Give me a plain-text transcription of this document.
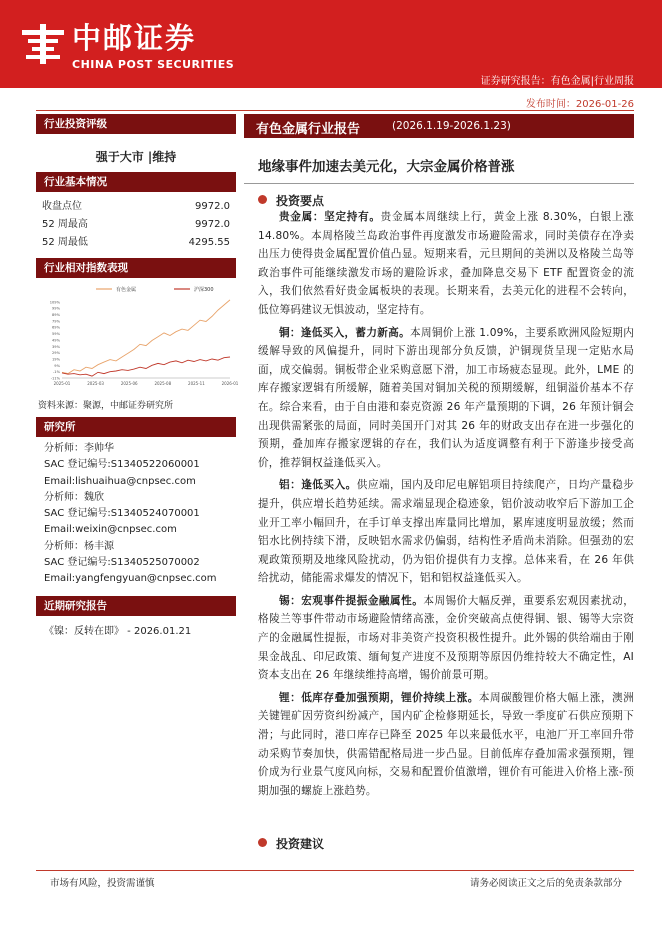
中邮证券
CHINA POST SECURITIES
证券研究报告：有色金属|行业周报
发布时间：2026-01-26
行业投资评级
强于大市 |维持
行业基本情况
收盘点位	9972.0
52 周最高	9972.0
52 周最低	4295.55
行业相对指数表现
-11%
-1%
9%
19%
29%
39%
49%
59%
69%
79%
89%
99%
109%
2025-01	2025-03	2025-06	2025-08	2025-11	2026-01
有色金属	沪深300
资料来源：聚源，中邮证券研究所
研究所
分析师：李帅华
SAC 登记编号:S1340522060001
Email:lishuaihua@cnpsec.com
分析师：魏欣
SAC 登记编号:S1340524070001
Email:weixin@cnpsec.com
分析师：杨丰源
SAC 登记编号:S1340525070002
Email:yangfengyuan@cnpsec.com
近期研究报告
《镍：反转在即》 - 2026.01.21
有色金属行业报告	(2026.1.19-2026.1.23)
地缘事件加速去美元化，大宗金属价格普涨
投资要点

贵金属：坚定持有。贵金属本周继续上行，黄金上涨 8.30%，白银上涨 14.80%。本周格陵兰岛政治事件再度激发市场避险需求，同时美债存在净卖出压力使得贵金属配置价值凸显。短期来看，元旦期间的美洲以及格陵兰岛等政治事件可能继续激发市场的避险诉求，叠加降息交易下 ETF 配置资金的流入，我们依然看好贵金属板块的表现。长期来看，去美元化的进程不会转向，低位筹码建议无惧波动，坚定持有。

铜：逢低买入，蓄力新高。本周铜价上涨 1.09%，主要系欧洲风险短期内缓解导致的风偏提升，同时下游出现部分负反馈，沪铜现货呈现一定贴水局面，成交偏弱。铜板带企业采购意愿下滑，加工市场疲态显现。此外，LME 的库存搬家逻辑有所缓解，随着美国对铜加关税的预期缓解，纽铜溢价基本不存在。综合来看，由于自由港和泰克资源 26 年产量预期的下调，26 年预计铜会出现供需紧张的局面，同时美国开门对其 26 年的财政支出存在进一步强化的预期，叠加库存搬家逻辑的存在，我们认为适度调整有利于下游逢步接受高价，推荐铜权益逢低买入。

铝：逢低买入。供应端，国内及印尼电解铝项目持续爬产，日均产量稳步提升，供应增长趋势延续。需求端显现企稳迹象，铝价波动收窄后下游加工企业开工率小幅回升，在手订单支撑出库量同比增加，累库速度明显放缓；然而铝水比例持续下滑，反映铝水需求仍偏弱，结构性矛盾尚未消除。但强劲的宏观政策预期及地缘风险扰动，仍为铝价提供有力支撑。总体来看，在 26 年供给扰动，储能需求爆发的情况下，铝和铝权益逢低买入。

锡：宏观事件提振金融属性。本周锡价大幅反弹，重要系宏观因素扰动，格陵兰等事件带动市场避险情绪高涨，金价突破高点使得铜、银、锡等大宗资产的金融属性提振，市场对非美资产投资积极性提升。此外锡的供给端由于刚果金战乱、印尼政策、缅甸复产进度不及预期等原因仍维持较大不确定性，AI 资本支出在 26 年继续维持高增，锡价前景可期。

锂：低库存叠加强预期，锂价持续上涨。本周碳酸锂价格大幅上涨，澳洲关键锂矿因劳资纠纷减产，国内矿企检修期延长，导致一季度矿石供应预期下滑；与此同时，港口库存已降至 2025 年以来最低水平，电池厂开工率回升带动采购节奏加快，供需错配格局进一步凸显。目前低库存叠加需求强预期，锂价成为行业景气度风向标，交易和配置价值激增，锂价有可能进入价格上涨-预期加强的螺旋上涨趋势。

投资建议
市场有风险，投资需谨慎	请务必阅读正文之后的免责条款部分
